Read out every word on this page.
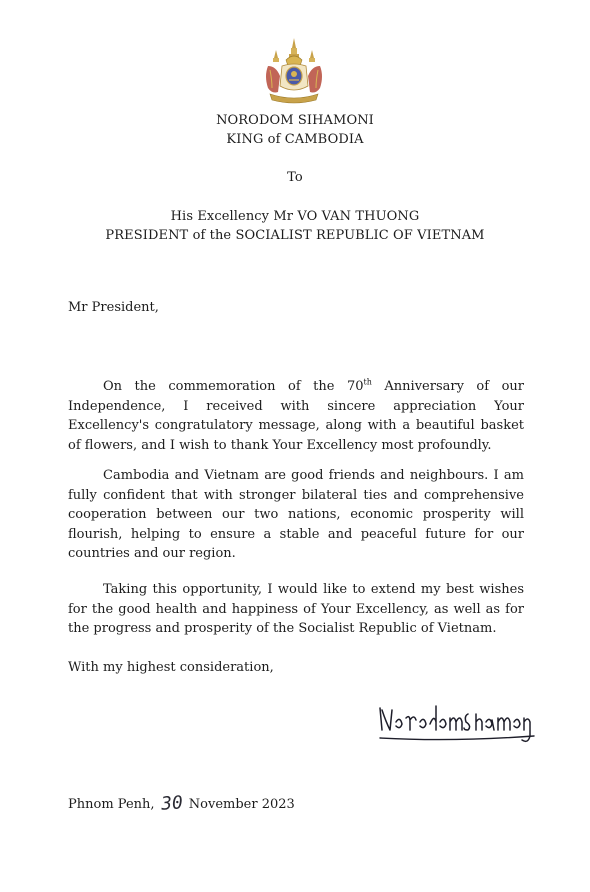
NORODOM SIHAMONI
KING of CAMBODIA
To
His Excellency Mr VO VAN THUONG
PRESIDENT of the SOCIALIST REPUBLIC OF VIETNAM
Mr President,

On the commemoration of the 70th Anniversary of our Independence, I received with sincere appreciation Your Excellency's congratulatory message, along with a beautiful basket of flowers, and I wish to thank Your Excellency most profoundly.

Cambodia and Vietnam are good friends and neighbours. I am fully confident that with stronger bilateral ties and comprehensive cooperation between our two nations, economic prosperity will flourish, helping to ensure a stable and peaceful future for our countries and our region.

Taking this opportunity, I would like to extend my best wishes for the good health and happiness of Your Excellency, as well as for the progress and prosperity of the Socialist Republic of Vietnam.

With my highest consideration,
Phnom Penh, 30 November 2023
